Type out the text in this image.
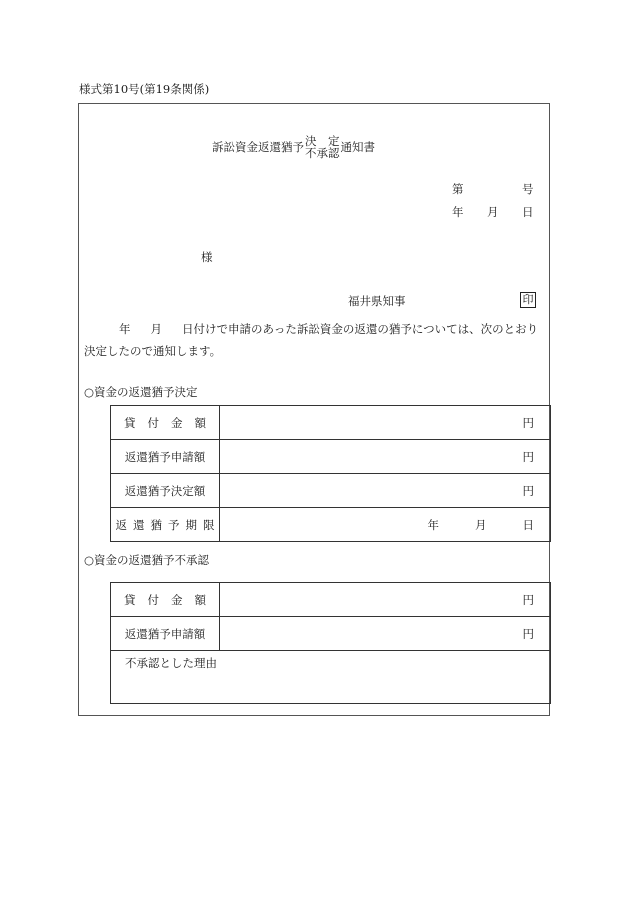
様式第10号(第19条関係)
訴訟資金返還猶予 決　定
不承認 通知書
第	号
年 月 日
様
福井県知事	印
年 月 日付けで申請のあった訴訟資金の返還の猶予については、次のとおり
決定したので通知します。
○資金の返還猶予決定
貸付金額	円
返還猶予申請額	円
返還猶予決定額	円
返還猶予期限	年 月 日
○資金の返還猶予不承認
貸付金額	円
返還猶予申請額	円
不承認とした理由	
